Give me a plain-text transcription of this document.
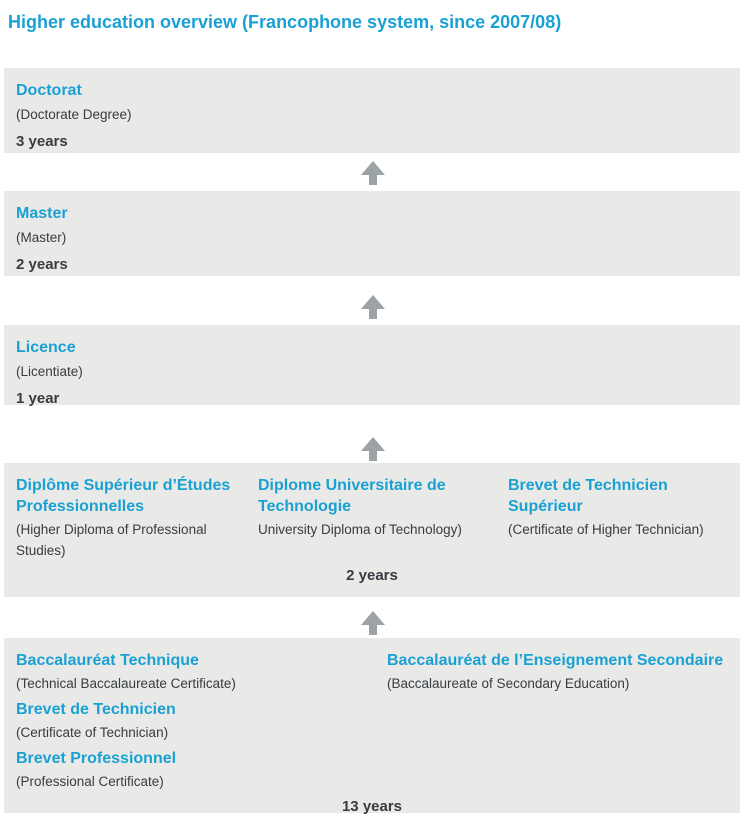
Higher education overview (Francophone system, since 2007/08)
Doctorat

(Doctorate Degree)

3 years
Master

(Master)

2 years
Licence

(Licentiate)

1 year
Diplôme Supérieur d’Études Professionnelles

(Higher Diploma of Professional Studies)

Diplome Universitaire de Technologie

University Diploma of Technology)

Brevet de Technicien Supérieur

(Certificate of Higher Technician)

2 years
Baccalauréat Technique

(Technical Baccalaureate Certificate)

Brevet de Technicien

(Certificate of Technician)

Brevet Professionnel

(Professional Certificate)

Baccalauréat de l’Enseignement Secondaire

(Baccalaureate of Secondary Education)

13 years
